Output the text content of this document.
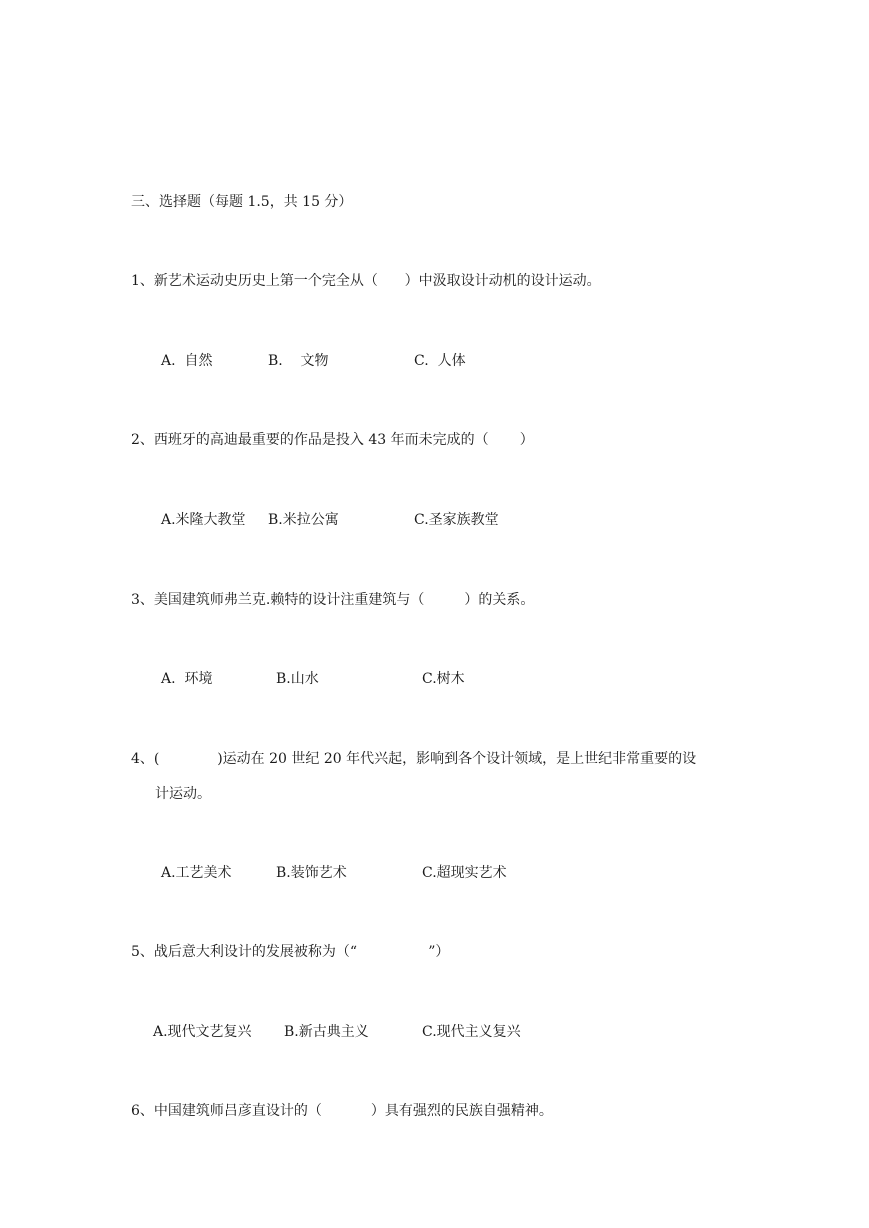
三、选择题（每题 1.5，共 15 分）
1、新艺术运动史历史上第一个完全从（      ）中汲取设计动机的设计运动。
A.  自然	B.    文物	C.  人体
2、西班牙的高迪最重要的作品是投入 43 年而未完成的（       ）
A.米隆大教堂 B.米拉公寓	C.圣家族教堂
3、美国建筑师弗兰克.赖特的设计注重建筑与（         ）的关系。
A.  环境	B.山水	C.树木
4、(             )运动在 20 世纪 20 年代兴起，影响到各个设计领域，是上世纪非常重要的设
计运动。
A.工艺美术	B.装饰艺术	C.超现实艺术
5、战后意大利设计的发展被称为（“                ”）
A.现代文艺复兴 B.新古典主义	C.现代主义复兴
6、中国建筑师吕彦直设计的（           ）具有强烈的民族自强精神。
